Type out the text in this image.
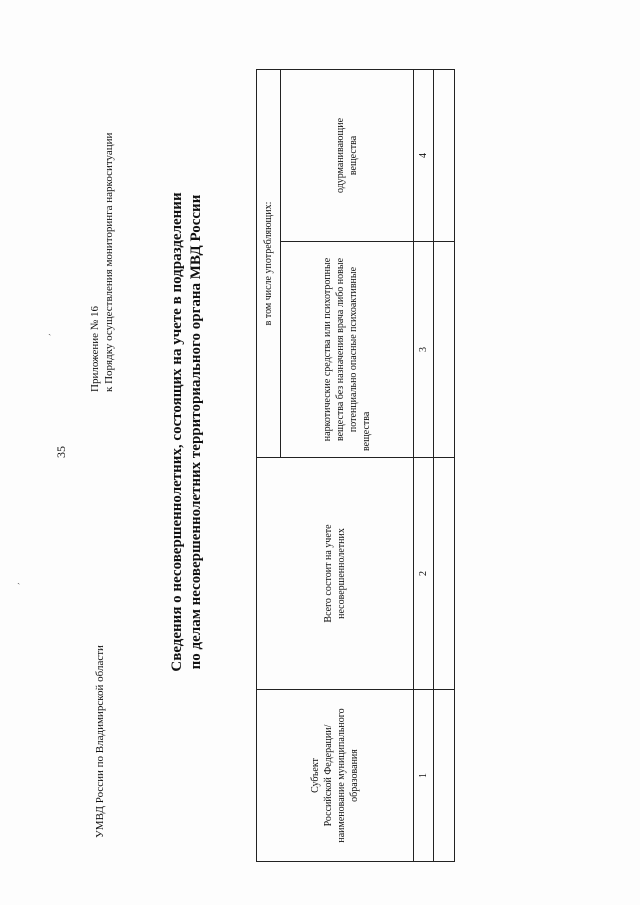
ˏ
ˏ
35
УМВД России по Владимирской области
Приложение № 16 к Порядку осуществления мониторинга наркоситуации	Сведения о несовершеннолетних, состоящих на учете в подразделении по делам несовершеннолетних территориального органа МВД России
Субъект Российской Федерации/ наименование муниципального образования	Всего состоит на учете несовершеннолетних	в том числе употребляющих:	
		наркотические средства или психотропные вещества без назначения врача либо новые потенциально опасные психоактивные вещества	одурманивающие вещества
1	2	3	4
